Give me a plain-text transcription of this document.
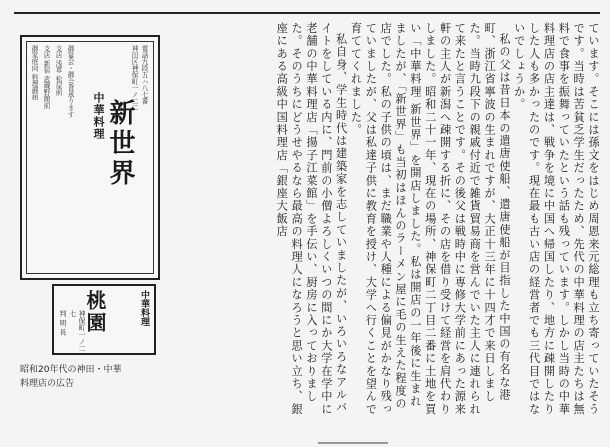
電話九段五ハ八七番
神田区神保町一ノ二二
御宴会・御会食承ります
支店 浅草 松屋前
支店 新宿 武蔵野館前
御家庭向 料理御届
中華料理 新世界
中華料理
桃園
神保町一ノ二七
判 明 長
昭和20年代の神田・中華
料理店の広告	ています。そこには孫文をはじめ周恩来元総理も立ち寄っていたそうです。当時は苦貧乏学生だったため、先代の中華料理の店主たちは無料で食事を振舞っていたという話も残っています。しかし当時の中華料理店の店主達は、戦争を境に中国へ帰国したり、地方に疎開したりした人も多かったのです。現在最も古い店の経営者でも三代目ではないでしょうか。

私の父は昔日本の遣唐使船、遣唐使船が目指した中国の有名な港町、浙江省寧波の生まれですが、大正十三年に十四才で来日しました。当時九段下の親戚付近で雑貨貿易商を営んでいた主人に連れられて来たと言うことです。その後父は戦時中に専修大学前にあった源来軒の主人が新潟へ疎開する折に、その店を借り受けて経営を肩代わりしました。昭和二十一年、現在の場所、神保町二丁目二番に土地を買い「中華料理 新世界」を開店しました。私は開店の一年後に生まれましたが、「新世界」も当初はほんのラーメン屋に毛の生えた程度の店でした。私の子供の頃は、まだ職業や人種による偏見がかなり残っていましたが、父は私達子供に教育を授け、大学へ行くことを望んで育ててくれました。

私自身、学生時代は建築家を志していましたが、いろいろなアルバイトをしている内に、門前の小僧よろしくいつの間にか大学在学中に老舗の中華料理店「揚子江菜館」を手伝い、厨房に入っておりました。そのうちにどうせやるなら最高の料理人になろうと思い立ち、銀座にある高級中国料理店「銀座大飯店
